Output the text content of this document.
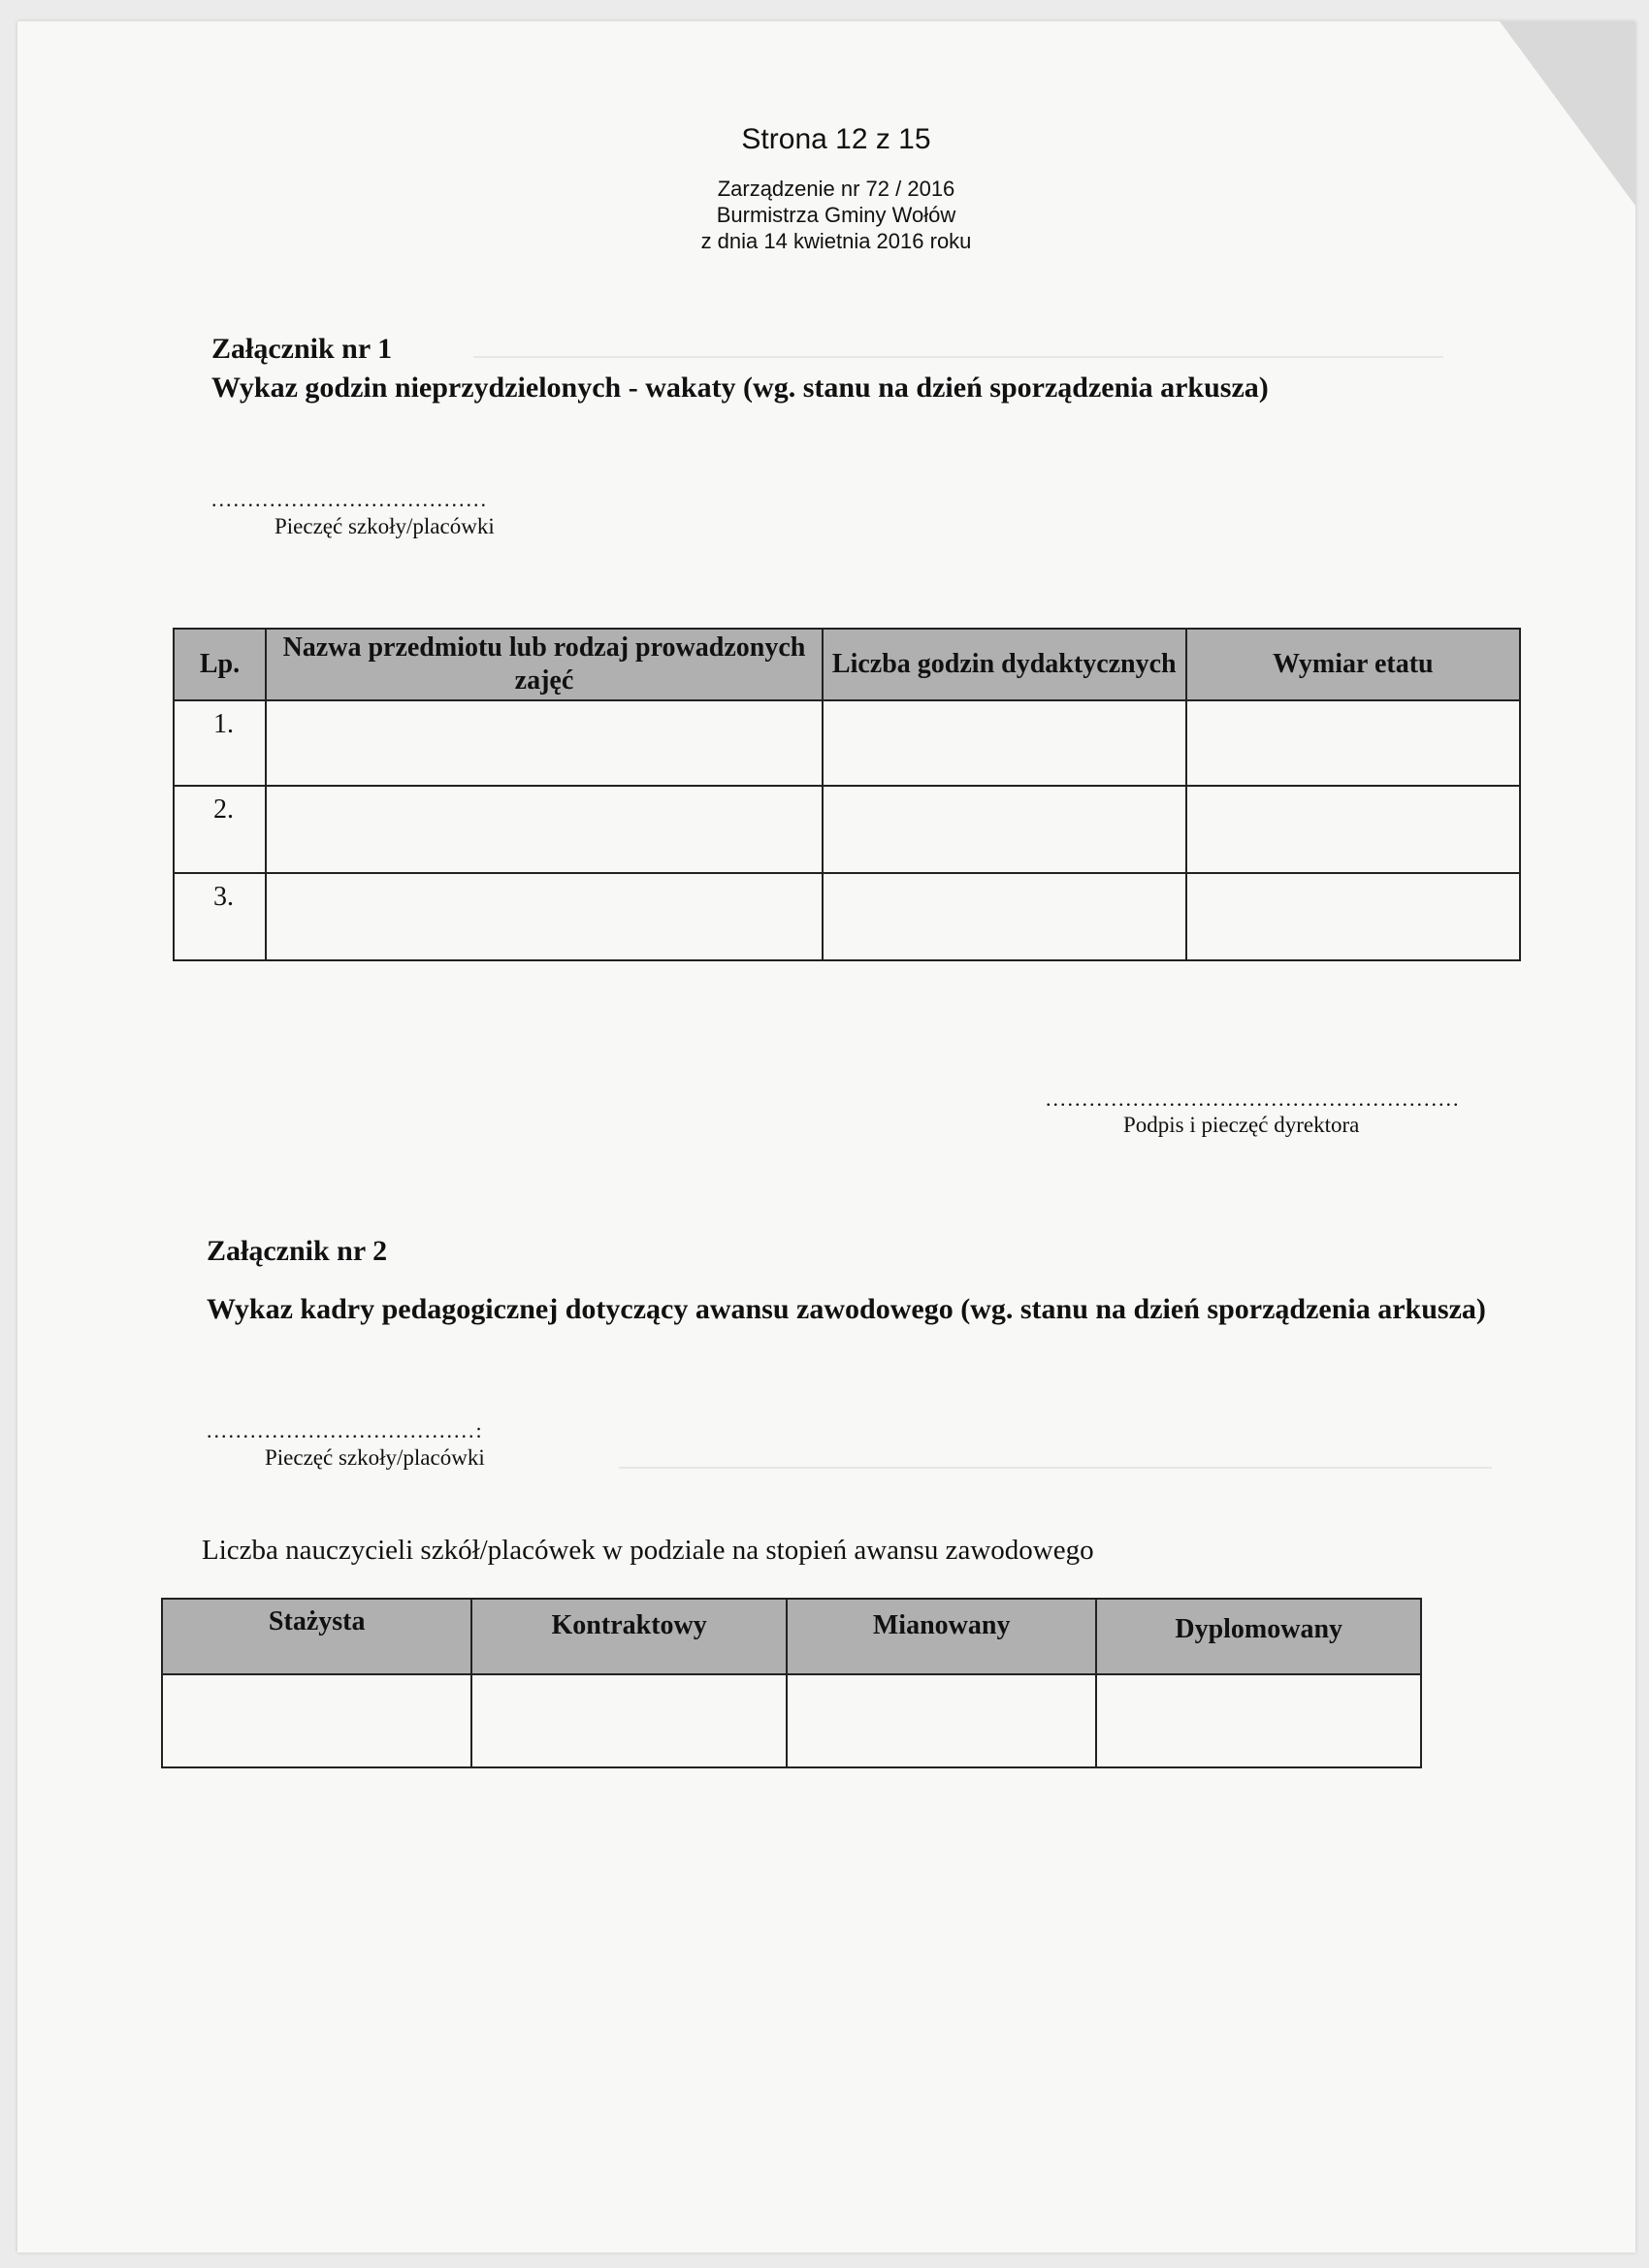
Strona 12 z 15
Zarządzenie nr 72 / 2016
Burmistrza Gminy Wołów
z dnia 14 kwietnia 2016 roku
Załącznik nr 1
Wykaz godzin nieprzydzielonych - wakaty (wg. stanu na dzień sporządzenia arkusza)
......................................
Pieczęć szkoły/placówki
Lp.	Nazwa przedmiotu lub rodzaj prowadzonych zajęć	Liczba godzin dydaktycznych	Wymiar etatu
1.			
2.			
3.			
.........................................................
Podpis i pieczęć dyrektora
Załącznik nr 2
Wykaz kadry pedagogicznej dotyczący awansu zawodowego (wg. stanu na dzień sporządzenia arkusza)
.....................................:
Pieczęć szkoły/placówki
Liczba nauczycieli szkół/placówek w podziale na stopień awansu zawodowego
Stażysta	Kontraktowy	Mianowany	Dyplomowany
